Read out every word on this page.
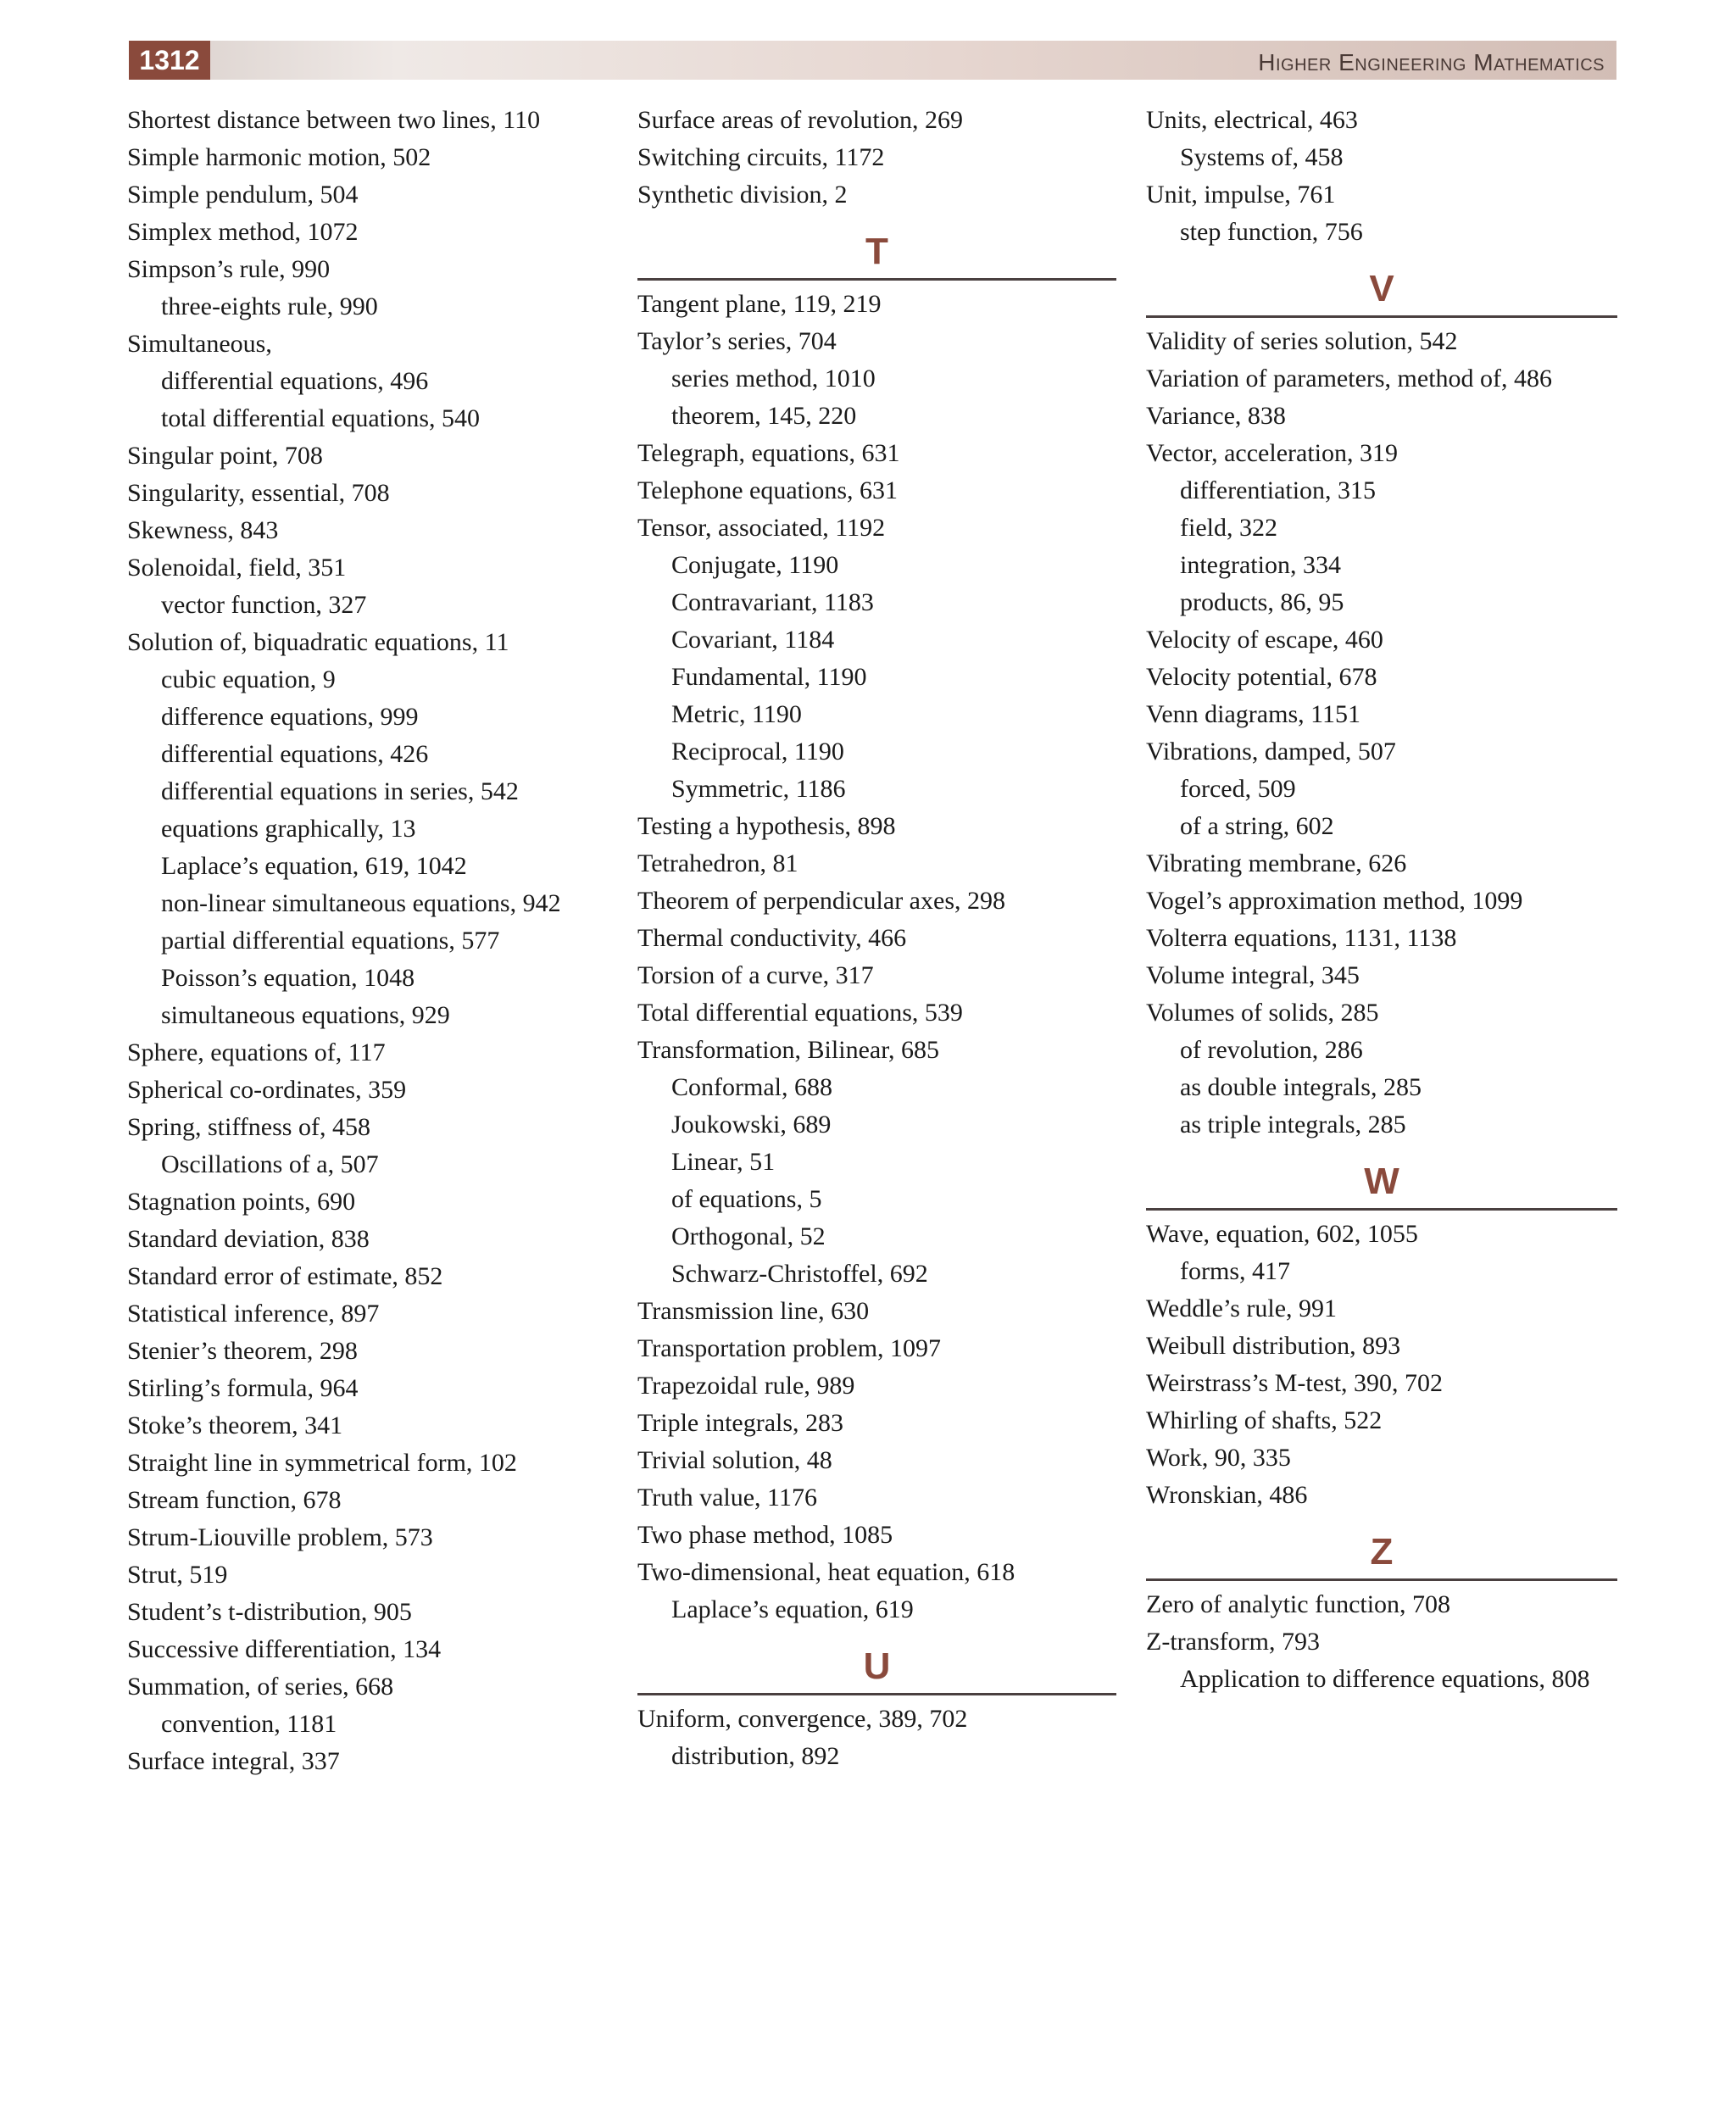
1312	Higher Engineering Mathematics
Shortest distance between two lines, 110
Simple harmonic motion, 502
Simple pendulum, 504
Simplex method, 1072
Simpson’s rule, 990
three-eights rule, 990
Simultaneous,
differential equations, 496
total differential equations, 540
Singular point, 708
Singularity, essential, 708
Skewness, 843
Solenoidal, field, 351
vector function, 327
Solution of, biquadratic equations, 11
cubic equation, 9
difference equations, 999
differential equations, 426
differential equations in series, 542
equations graphically, 13
Laplace’s equation, 619, 1042
non-linear simultaneous equations, 942
partial differential equations, 577
Poisson’s equation, 1048
simultaneous equations, 929
Sphere, equations of, 117
Spherical co-ordinates, 359
Spring, stiffness of, 458
Oscillations of a, 507
Stagnation points, 690
Standard deviation, 838
Standard error of estimate, 852
Statistical inference, 897
Stenier’s theorem, 298
Stirling’s formula, 964
Stoke’s theorem, 341
Straight line in symmetrical form, 102
Stream function, 678
Strum-Liouville problem, 573
Strut, 519
Student’s t-distribution, 905
Successive differentiation, 134
Summation, of series, 668
convention, 1181
Surface integral, 337
Surface areas of revolution, 269
Switching circuits, 1172
Synthetic division, 2
T
Tangent plane, 119, 219
Taylor’s series, 704
series method, 1010
theorem, 145, 220
Telegraph, equations, 631
Telephone equations, 631
Tensor, associated, 1192
Conjugate, 1190
Contravariant, 1183
Covariant, 1184
Fundamental, 1190
Metric, 1190
Reciprocal, 1190
Symmetric, 1186
Testing a hypothesis, 898
Tetrahedron, 81
Theorem of perpendicular axes, 298
Thermal conductivity, 466
Torsion of a curve, 317
Total differential equations, 539
Transformation, Bilinear, 685
Conformal, 688
Joukowski, 689
Linear, 51
of equations, 5
Orthogonal, 52
Schwarz-Christoffel, 692
Transmission line, 630
Transportation problem, 1097
Trapezoidal rule, 989
Triple integrals, 283
Trivial solution, 48
Truth value, 1176
Two phase method, 1085
Two-dimensional, heat equation, 618
Laplace’s equation, 619
U
Uniform, convergence, 389, 702
distribution, 892
Units, electrical, 463
Systems of, 458
Unit, impulse, 761
step function, 756
V
Validity of series solution, 542
Variation of parameters, method of, 486
Variance, 838
Vector, acceleration, 319
differentiation, 315
field, 322
integration, 334
products, 86, 95
Velocity of escape, 460
Velocity potential, 678
Venn diagrams, 1151
Vibrations, damped, 507
forced, 509
of a string, 602
Vibrating membrane, 626
Vogel’s approximation method, 1099
Volterra equations, 1131, 1138
Volume integral, 345
Volumes of solids, 285
of revolution, 286
as double integrals, 285
as triple integrals, 285
W
Wave, equation, 602, 1055
forms, 417
Weddle’s rule, 991
Weibull distribution, 893
Weirstrass’s M-test, 390, 702
Whirling of shafts, 522
Work, 90, 335
Wronskian, 486
Z
Zero of analytic function, 708
Z-transform, 793
Application to difference equations, 808
